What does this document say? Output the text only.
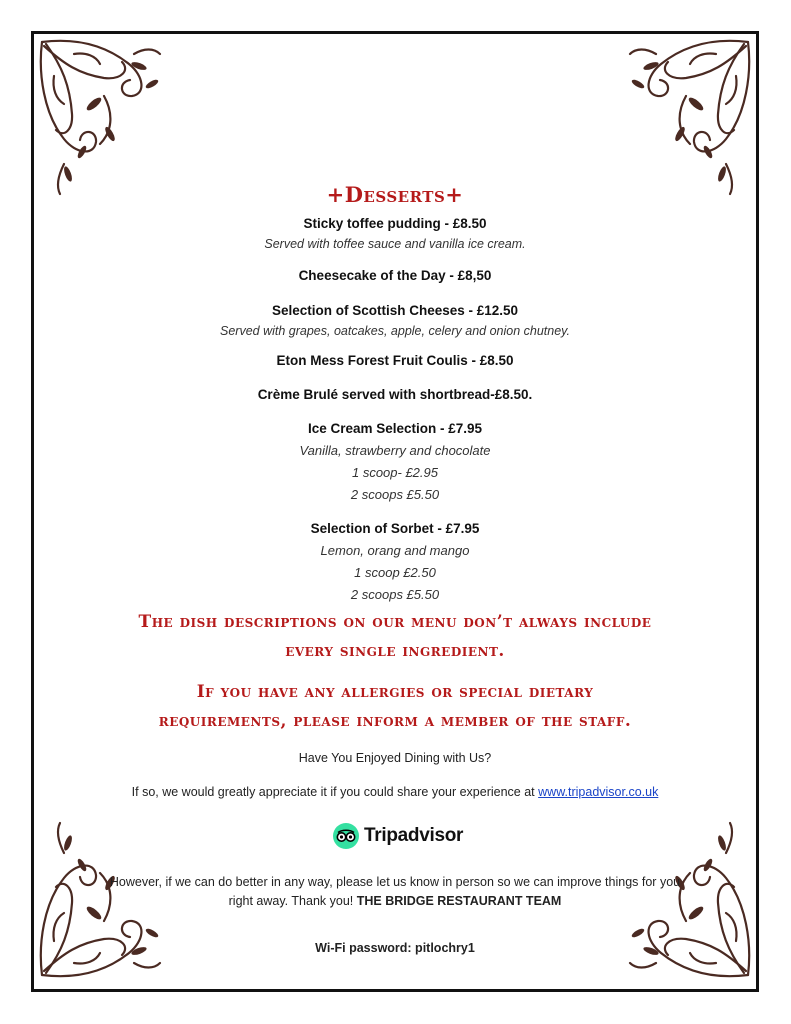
+Desserts+

Sticky toffee pudding - £8.50

Served with toffee sauce and vanilla ice cream.

Cheesecake of the Day - £8,50

Selection of Scottish Cheeses - £12.50

Served with grapes, oatcakes, apple, celery and onion chutney.

Eton Mess Forest Fruit Coulis - £8.50

Crème Brulé served with shortbread-£8.50.

Ice Cream Selection - £7.95

Vanilla, strawberry and chocolate

1 scoop- £2.95

2 scoops £5.50

Selection of Sorbet - £7.95

Lemon, orang and mango

1 scoop £2.50

2 scoops £5.50

The dish descriptions on our menu don’t always include

every single ingredient.

If you have any allergies or special dietary

requirements, please inform a member of the staff.

Have You Enjoyed Dining with Us?

If so, we would greatly appreciate it if you could share your experience at www.tripadvisor.co.uk

Tripadvisor

However, if we can do better in any way, please let us know in person so we can improve things for you

right away. Thank you! THE BRIDGE RESTAURANT TEAM

Wi-Fi password: pitlochry1
